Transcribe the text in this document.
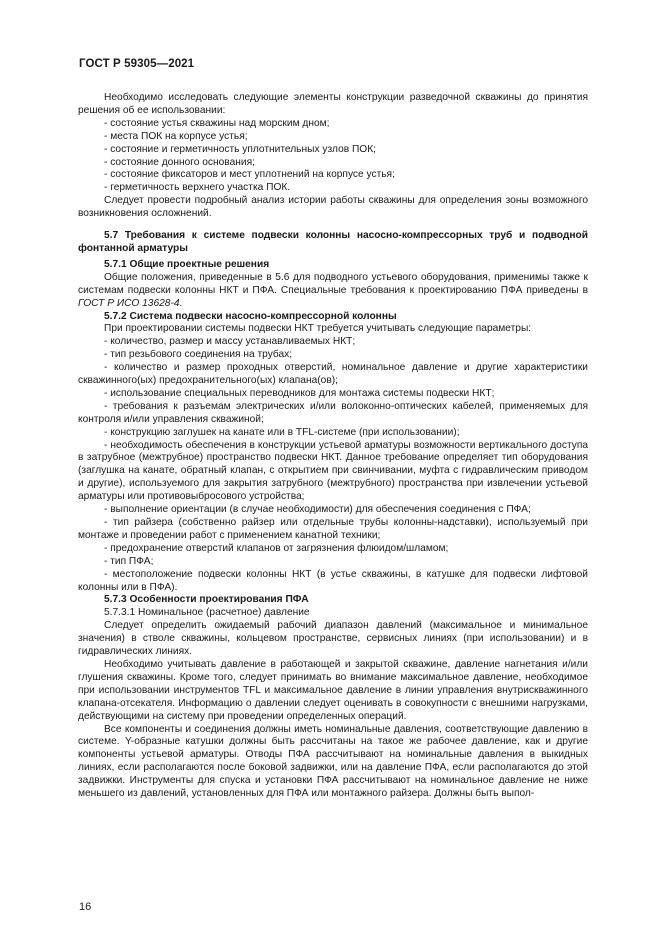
ГОСТ Р 59305—2021

Необходимо исследовать следующие элементы конструкции разведочной скважины до принятия решения об ее использовании:

- состояние устья скважины над морским дном;
- места ПОК на корпусе устья;
- состояние и герметичность уплотнительных узлов ПОК;
- состояние донного основания;
- состояние фиксаторов и мест уплотнений на корпусе устья;
- герметичность верхнего участка ПОК.

Следует провести подробный анализ истории работы скважины для определения зоны возможного возникновения осложнений.

5.7 Требования к системе подвески колонны насосно-компрессорных труб и подводной фонтанной арматуры

5.7.1 Общие проектные решения

Общие положения, приведенные в 5.6 для подводного устьевого оборудования, применимы также к системам подвески колонны НКТ и ПФА. Специальные требования к проектированию ПФА приведены в ГОСТ Р ИСО 13628-4.

5.7.2 Система подвески насосно-компрессорной колонны

При проектировании системы подвески НКТ требуется учитывать следующие параметры:

- количество, размер и массу устанавливаемых НКТ;
- тип резьбового соединения на трубах;
- количество и размер проходных отверстий, номинальное давление и другие характеристики скважинного(ых) предохранительного(ых) клапана(ов);
- использование специальных переводников для монтажа системы подвески НКТ;
- требования к разъемам электрических и/или волоконно-оптических кабелей, применяемых для контроля и/или управления скважиной;
- конструкцию заглушек на канате или в TFL-системе (при использовании);
- необходимость обеспечения в конструкции устьевой арматуры возможности вертикального доступа в затрубное (межтрубное) пространство подвески НКТ. Данное требование определяет тип оборудования (заглушка на канате, обратный клапан, с открытием при свинчивании, муфта с гидравлическим приводом и другие), используемого для закрытия затрубного (межтрубного) пространства при извлечении устьевой арматуры или противовыбросового устройства;
- выполнение ориентации (в случае необходимости) для обеспечения соединения с ПФА;
- тип райзера (собственно райзер или отдельные трубы колонны-надставки), используемый при монтаже и проведении работ с применением канатной техники;
- предохранение отверстий клапанов от загрязнения флюидом/шламом;
- тип ПФА;
- местоположение подвески колонны НКТ (в устье скважины, в катушке для подвески лифтовой колонны или в ПФА).

5.7.3 Особенности проектирования ПФА

5.7.3.1 Номинальное (расчетное) давление

Следует определить ожидаемый рабочий диапазон давлений (максимальное и минимальное значения) в стволе скважины, кольцевом пространстве, сервисных линиях (при использовании) и в гидравлических линиях.

Необходимо учитывать давление в работающей и закрытой скважине, давление нагнетания и/или глушения скважины. Кроме того, следует принимать во внимание максимальное давление, необходимое при использовании инструментов TFL и максимальное давление в линии управления внутрискважинного клапана-отсекателя. Информацию о давлении следует оценивать в совокупности с внешними нагрузками, действующими на систему при проведении определенных операций.

Все компоненты и соединения должны иметь номинальные давления, соответствующие давлению в системе. Y-образные катушки должны быть рассчитаны на такое же рабочее давление, как и другие компоненты устьевой арматуры. Отводы ПФА рассчитывают на номинальные давления в выкидных линиях, если располагаются после боковой задвижки, или на давление ПФА, если располагаются до этой задвижки. Инструменты для спуска и установки ПФА рассчитывают на номинальное давление не ниже меньшего из давлений, установленных для ПФА или монтажного райзера. Должны быть выпол-

16
